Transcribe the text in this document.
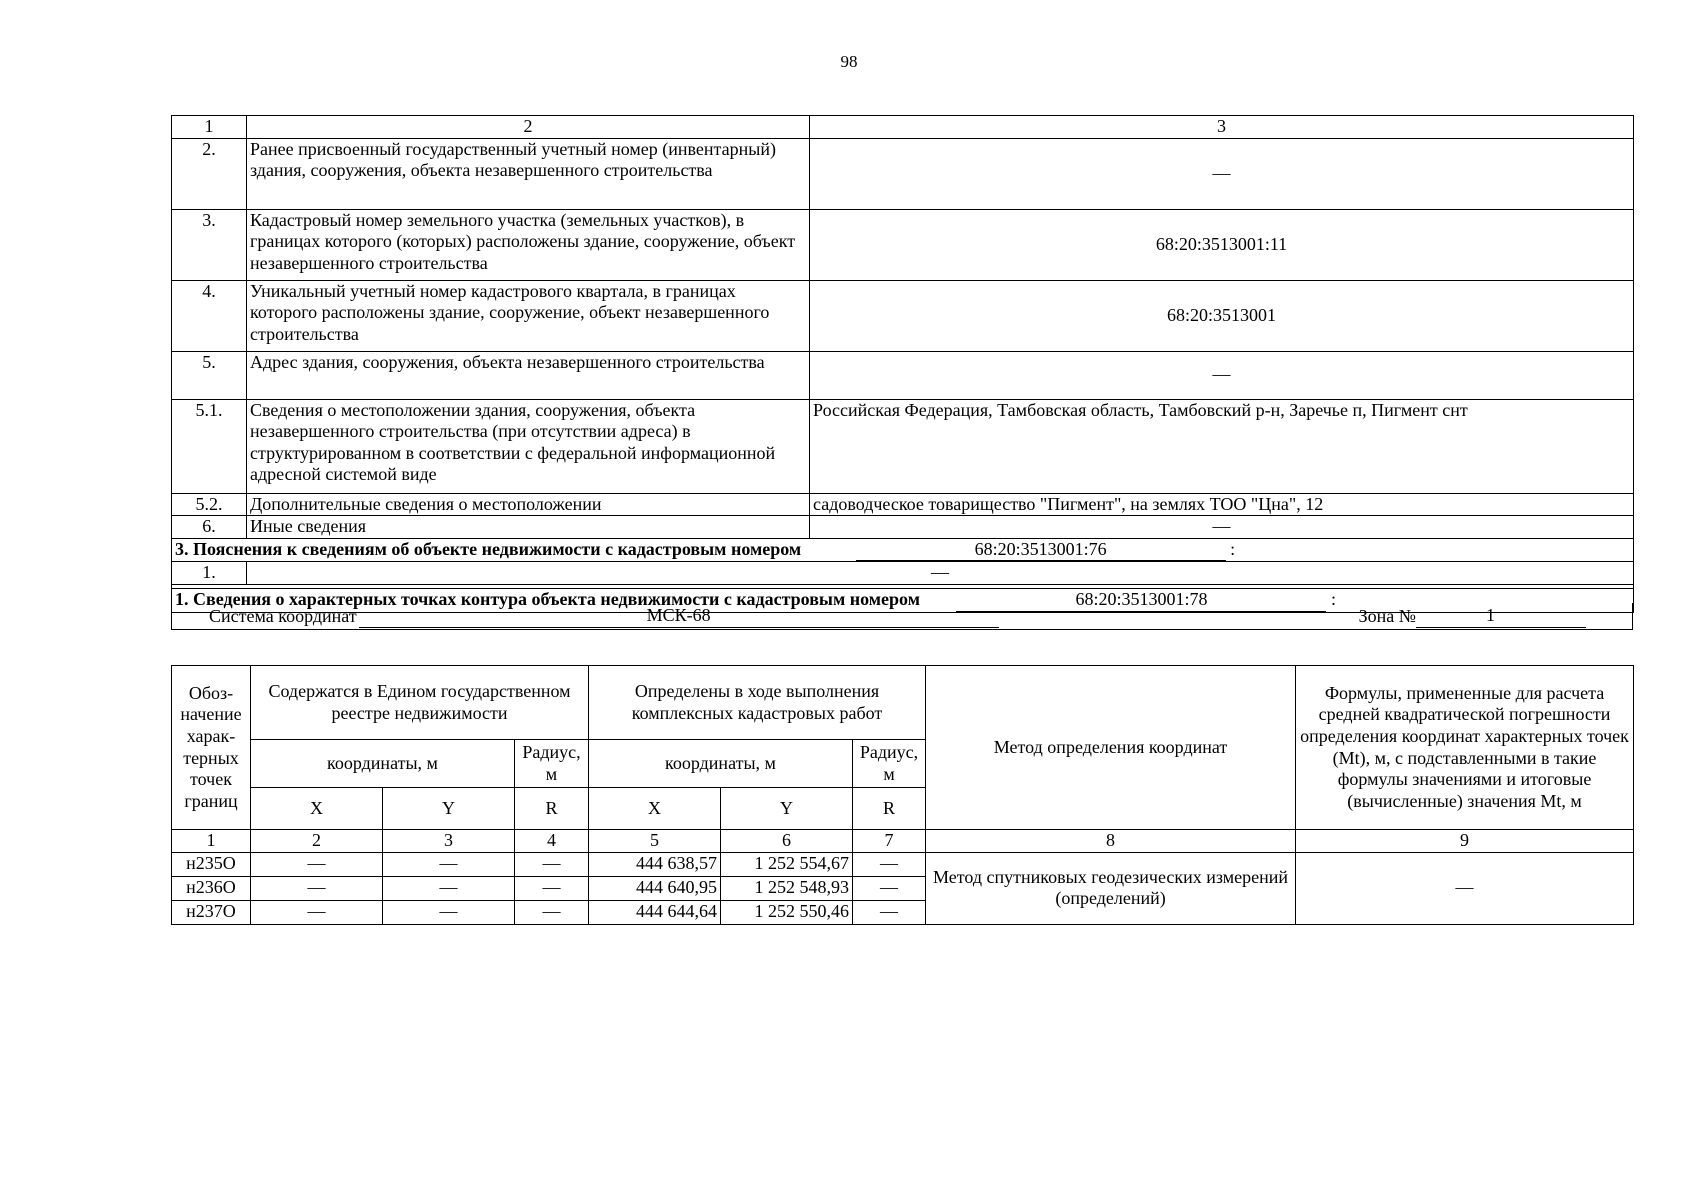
98
1	2	3
2.	Ранее присвоенный государственный учетный номер (инвентарный) здания, сооружения, объекта незавершенного строительства	—
3.	Кадастровый номер земельного участка (земельных участков), в границах которого (которых) расположены здание, сооружение, объект незавершенного строительства	68:20:3513001:11
4.	Уникальный учетный номер кадастрового квартала, в границах которого расположены здание, сооружение, объект незавершенного строительства	68:20:3513001
5.	Адрес здания, сооружения, объекта незавершенного строительства	—
5.1.	Сведения о местоположении здания, сооружения, объекта незавершенного строительства (при отсутствии адреса) в структурированном в соответствии с федеральной информационной адресной системой виде	Российская Федерация, Тамбовская область, Тамбовский р-н, Заречье п, Пигмент снт
5.2.	Дополнительные сведения о местоположении	садоводческое товарищество "Пигмент", на землях ТОО "Цна", 12
6.	Иные сведения	—
3. Пояснения к сведениям об объекте недвижимости с кадастровым номером 68:20:3513001:76 :		
1.	—	

1. Сведения о характерных точках контура объекта недвижимости с кадастровым номером 68:20:3513001:78 :		
Система координат	МСК-68	Зона №	1
Обоз-начение харак-терных точек границ	Содержатся в Едином государственном реестре недвижимости			Определены в ходе выполнения комплексных кадастровых работ			Метод определения координат	Формулы, примененные для расчета средней квадратической погрешности определения координат характерных точек (Mt), м, с подставленными в такие формулы значениями и итоговые (вычисленные) значения Mt, м
	координаты, м		Радиус, м	координаты, м		Радиус, м		
	X	Y	R	X	Y	R		
1	2	3	4	5	6	7	8	9
н235О	—	—	—	444 638,57	1 252 554,67	—	Метод спутниковых геодезических измерений (определений)	—
н236О	—	—	—	444 640,95	1 252 548,93	—		
н237О	—	—	—	444 644,64	1 252 550,46	—		
